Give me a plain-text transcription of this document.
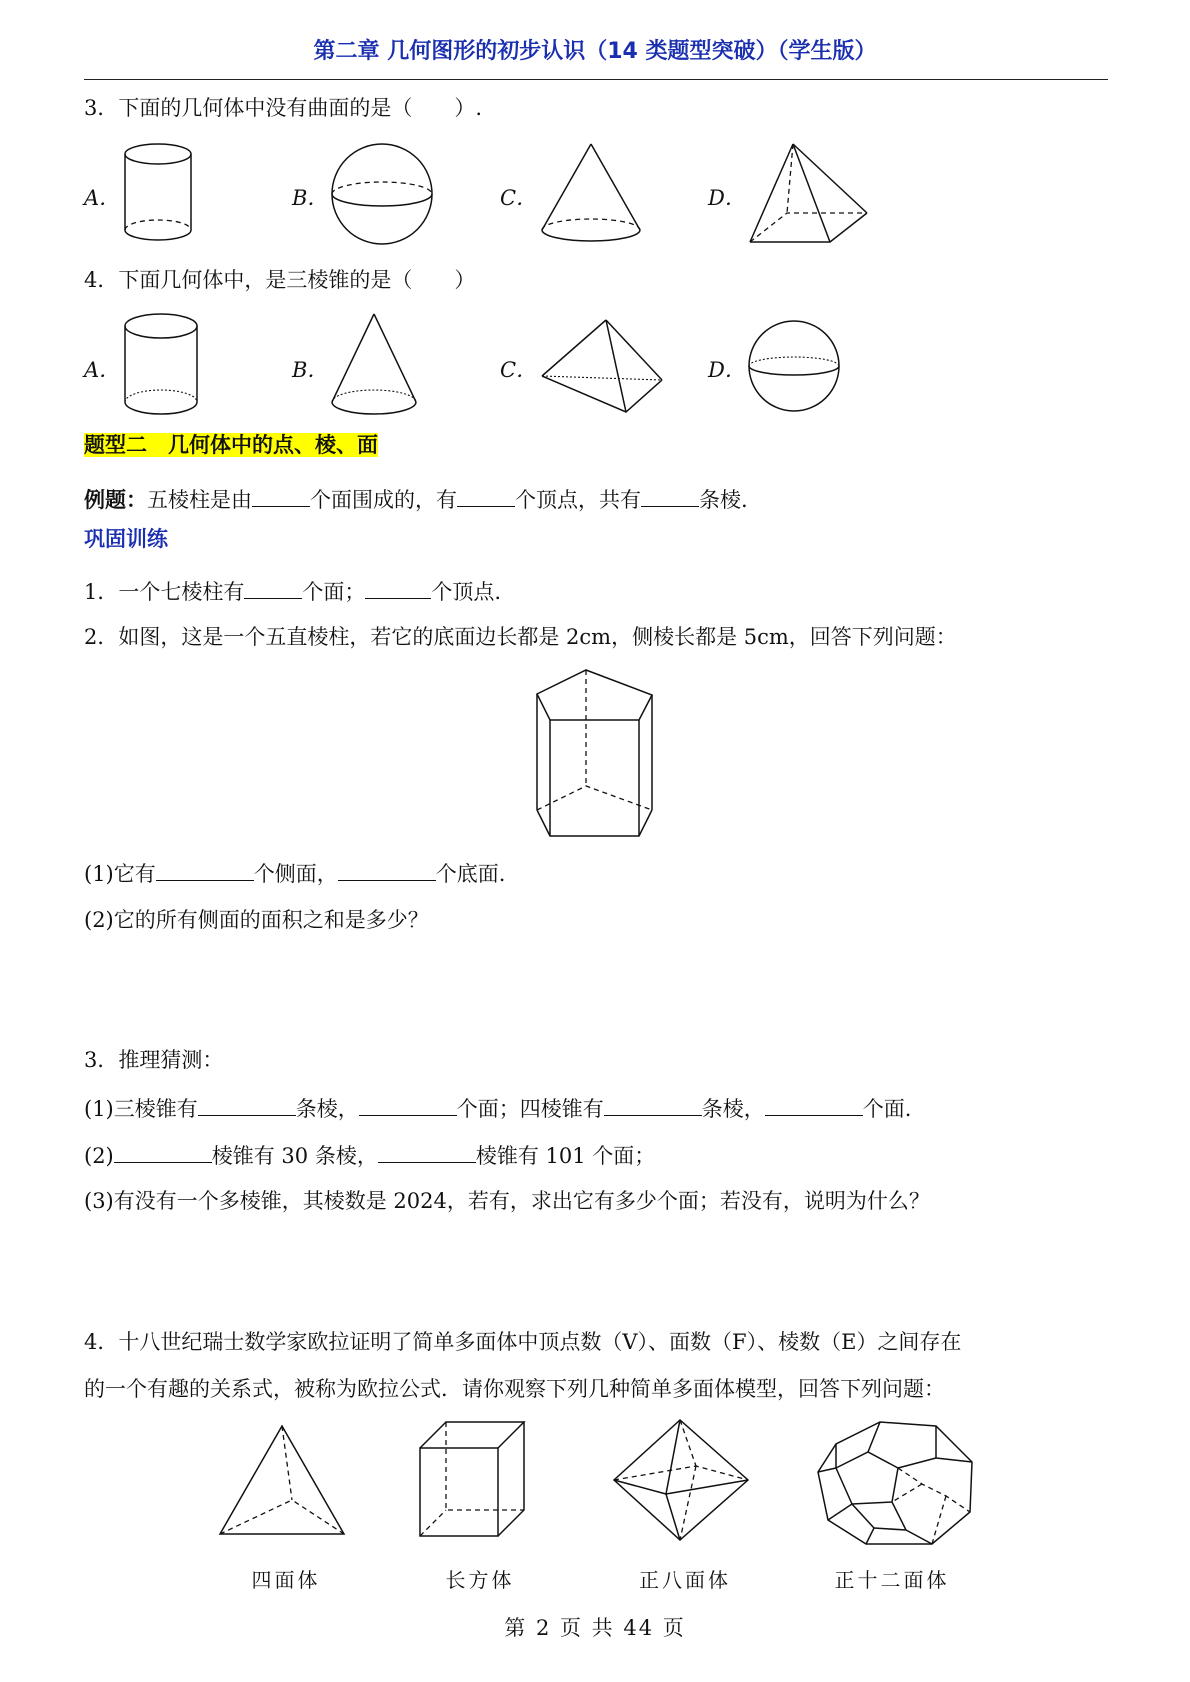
第二章 几何图形的初步认识（14 类题型突破）（学生版）
3．下面的几何体中没有曲面的是（　　）.
A．	B．	C．	D．
4．下面几何体中，是三棱锥的是（　　）
A．	B．	C．	D．
题型二　几何体中的点、棱、面
例题：五棱柱是由	个面围成的，有	个顶点，共有	条棱.
巩固训练
1．一个七棱柱有	个面；	个顶点.
2．如图，这是一个五直棱柱，若它的底面边长都是 2cm，侧棱长都是 5cm，回答下列问题：
(1)它有	个侧面，	个底面.
(2)它的所有侧面的面积之和是多少？
3．推理猜测：
(1)三棱锥有	条棱，	个面；四棱锥有	条棱，	个面.
(2)	棱锥有 30 条棱，	棱锥有 101 个面；
(3)有没有一个多棱锥，其棱数是 2024，若有，求出它有多少个面；若没有，说明为什么？
4．十八世纪瑞士数学家欧拉证明了简单多面体中顶点数（V）、面数（F）、棱数（E）之间存在
的一个有趣的关系式，被称为欧拉公式．请你观察下列几种简单多面体模型，回答下列问题：
四面体	长方体	正八面体	正十二面体
第 2 页 共 44 页
